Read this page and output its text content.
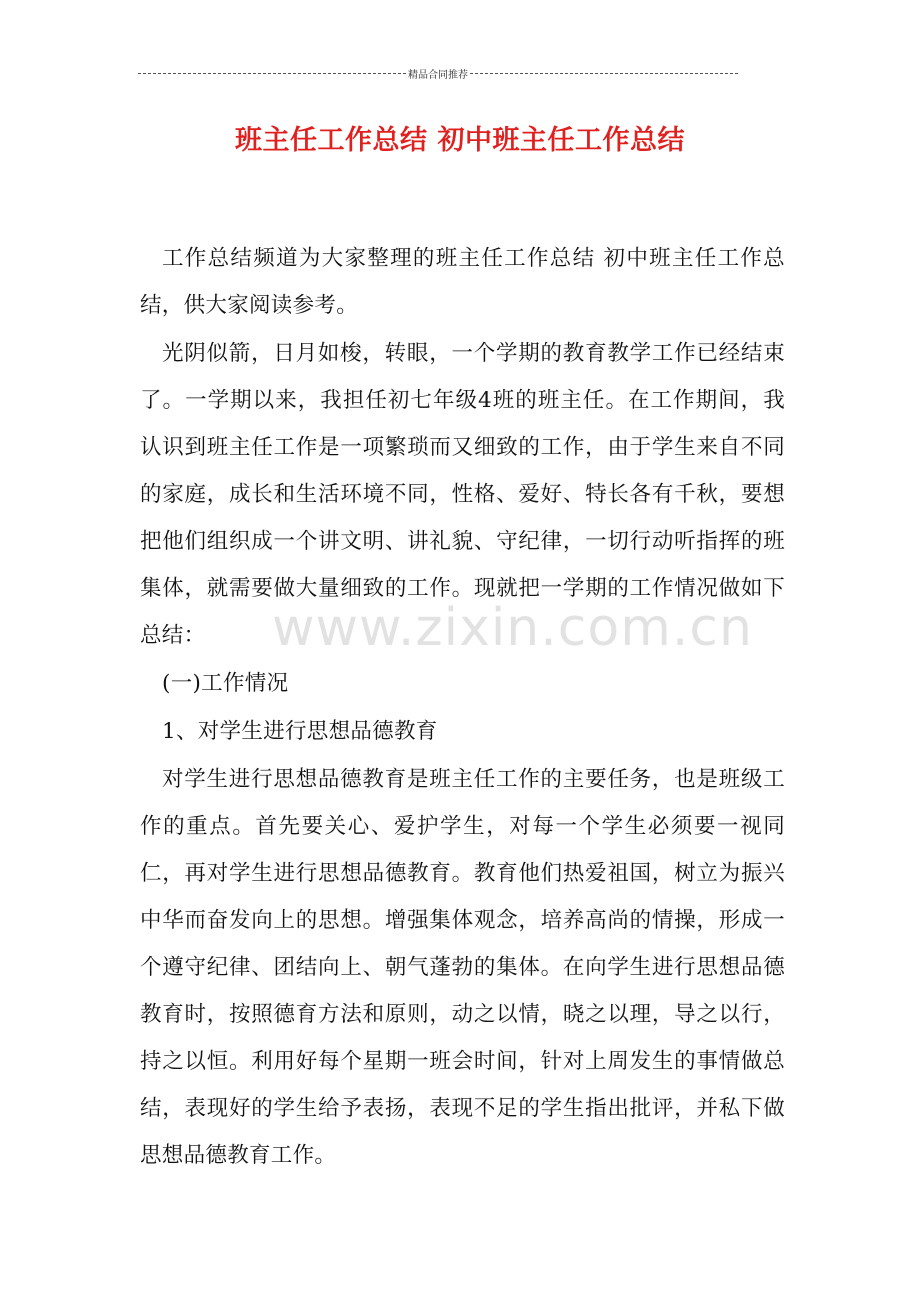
精品合同推荐
班主任工作总结 初中班主任工作总结

工作总结频道为大家整理的班主任工作总结 初中班主任工作总结，供大家阅读参考。

光阴似箭，日月如梭，转眼，一个学期的教育教学工作已经结束了。一学期以来，我担任初七年级4班的班主任。在工作期间，我认识到班主任工作是一项繁琐而又细致的工作，由于学生来自不同的家庭，成长和生活环境不同，性格、爱好、特长各有千秋，要想把他们组织成一个讲文明、讲礼貌、守纪律，一切行动听指挥的班集体，就需要做大量细致的工作。现就把一学期的工作情况做如下总结：

(一)工作情况

1、对学生进行思想品德教育

对学生进行思想品德教育是班主任工作的主要任务，也是班级工作的重点。首先要关心、爱护学生，对每一个学生必须要一视同仁，再对学生进行思想品德教育。教育他们热爱祖国，树立为振兴中华而奋发向上的思想。增强集体观念，培养高尚的情操，形成一个遵守纪律、团结向上、朝气蓬勃的集体。在向学生进行思想品德教育时，按照德育方法和原则，动之以情，晓之以理，导之以行，持之以恒。利用好每个星期一班会时间，针对上周发生的事情做总结，表现好的学生给予表扬，表现不足的学生指出批评，并私下做思想品德教育工作。

www.zixin.com.cn
